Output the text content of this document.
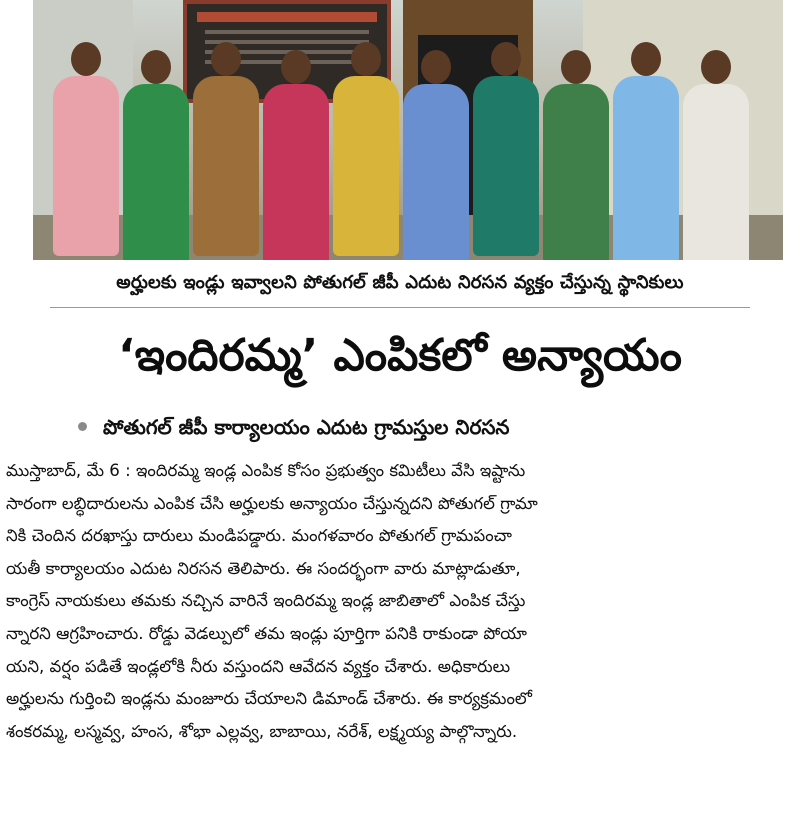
అర్హులకు ఇండ్లు ఇవ్వాలని పోతుగల్ జీపీ ఎదుట నిరసన వ్యక్తం చేస్తున్న స్థానికులు
‘ఇందిరమ్మ’ ఎంపికలో అన్యాయం
పోతుగల్ జీపీ కార్యాలయం ఎదుట గ్రామస్తుల నిరసన
ముస్తాబాద్, మే 6 : ఇందిరమ్మ ఇండ్ల ఎంపిక కోసం ప్రభుత్వం కమిటీలు వేసి ఇష్టాను
సారంగా లబ్ధిదారులను ఎంపిక చేసి అర్హులకు అన్యాయం చేస్తున్నదని పోతుగల్ గ్రామా
నికి చెందిన దరఖాస్తు దారులు మండిపడ్డారు. మంగళవారం పోతుగల్ గ్రామపంచా
యతీ కార్యాలయం ఎదుట నిరసన తెలిపారు. ఈ సందర్భంగా వారు మాట్లాడుతూ,
కాంగ్రెస్ నాయకులు తమకు నచ్చిన వారినే ఇందిరమ్మ ఇండ్ల జాబితాలో ఎంపిక చేస్తు
న్నారని ఆగ్రహించారు. రోడ్డు వెడల్పులో తమ ఇండ్లు పూర్తిగా పనికి రాకుండా పోయా
యని, వర్షం పడితే ఇండ్లలోకి నీరు వస్తుందని ఆవేదన వ్యక్తం చేశారు. అధికారులు
అర్హులను గుర్తించి ఇండ్లను మంజూరు చేయాలని డిమాండ్ చేశారు. ఈ కార్యక్రమంలో
శంకరమ్మ, లస్మవ్వ, హంస, శోభా ఎల్లవ్వ, బాబాయి, నరేశ్, లక్ష్మయ్య పాల్గొన్నారు.
